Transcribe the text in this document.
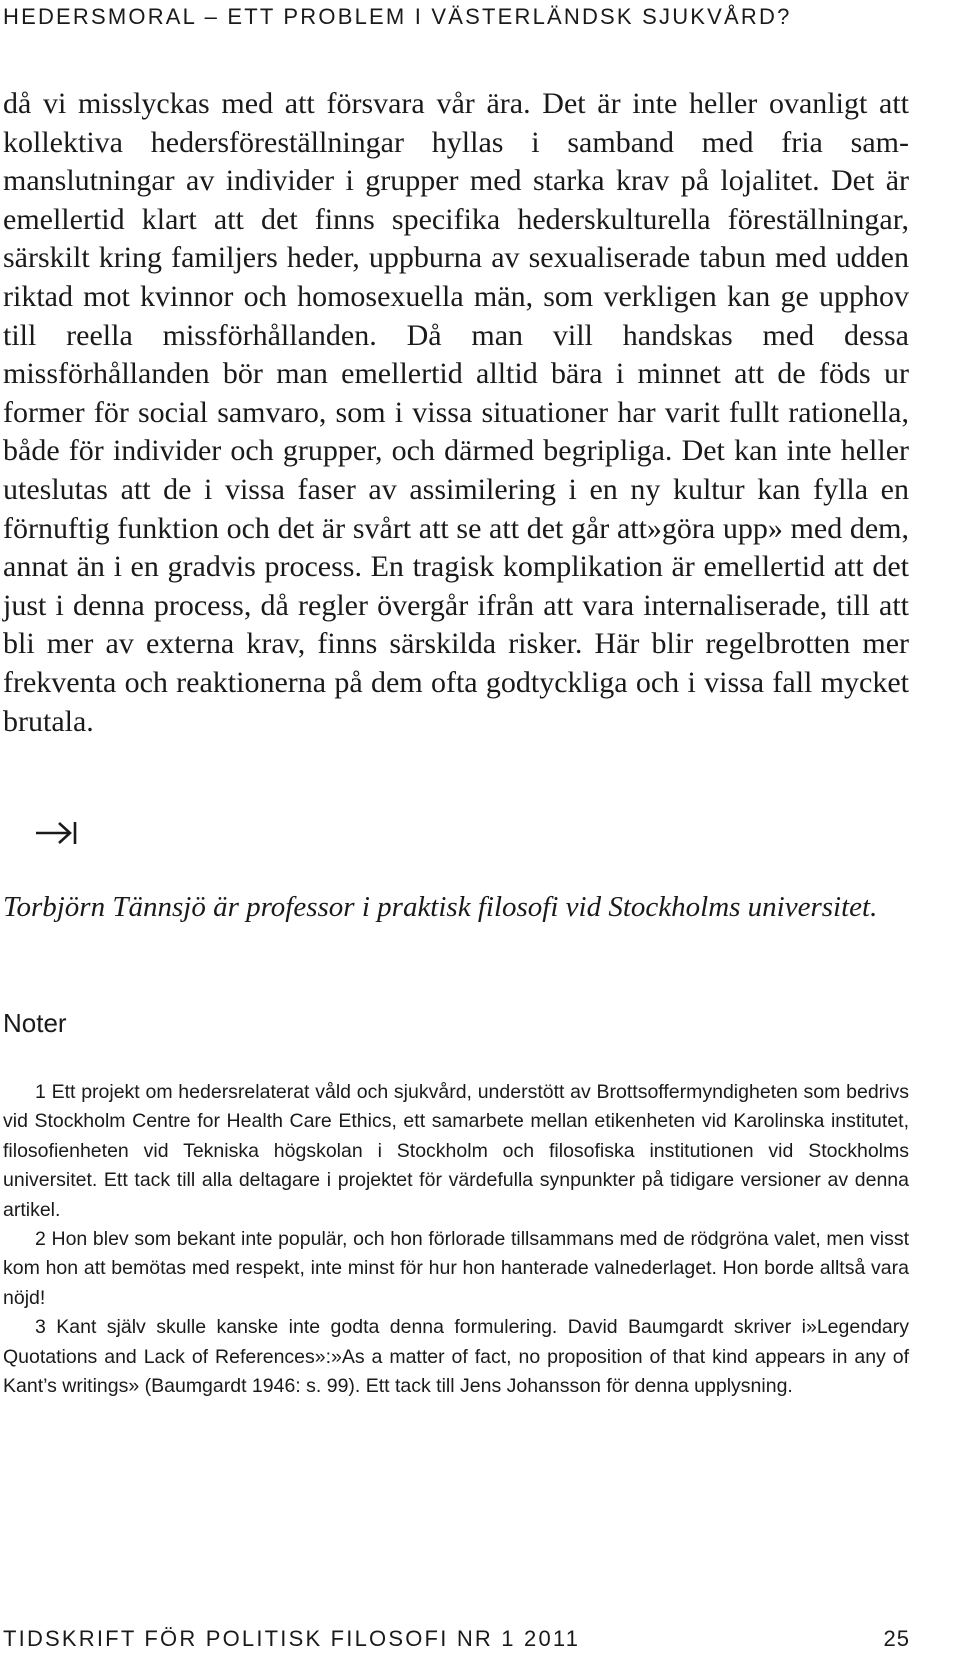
HEDERSMORAL – ETT PROBLEM I VÄSTERLÄNDSK SJUKVÅRD?

då vi misslyckas med att försvara vår ära. Det är inte heller ovanligt att kollektiva hedersföreställningar hyllas i samband med fria sammanslutningar av individer i grupper med starka krav på lojalitet. Det är emellertid klart att det finns specifika hederskulturella föreställningar, särskilt kring familjers heder, uppburna av sexualiserade tabun med udden riktad mot kvinnor och homosexuella män, som verkligen kan ge upphov till reella missförhållanden. Då man vill handskas med dessa missförhållanden bör man emellertid alltid bära i minnet att de föds ur former för social samvaro, som i vissa situationer har varit fullt rationella, både för individer och grupper, och därmed begripliga. Det kan inte heller uteslutas att de i vissa faser av assimilering i en ny kultur kan fylla en förnuftig funktion och det är svårt att se att det går att»göra upp» med dem, annat än i en gradvis process. En tragisk komplikation är emellertid att det just i denna process, då regler övergår ifrån att vara internaliserade, till att bli mer av externa krav, finns särskilda risker. Här blir regelbrotten mer frekventa och reaktionerna på dem ofta godtyckliga och i vissa fall mycket brutala.

Torbjörn Tännsjö är professor i praktisk filosofi vid Stockholms universitet.

Noter
1 Ett projekt om hedersrelaterat våld och sjukvård, understött av Brottsoffermyndigheten som bedrivs vid Stockholm Centre for Health Care Ethics, ett samarbete mellan etikenheten vid Karolinska institutet, filosofienheten vid Tekniska högskolan i Stockholm och filosofiska institutionen vid Stockholms universitet. Ett tack till alla deltagare i projektet för värdefulla synpunkter på tidigare versioner av denna artikel.
2 Hon blev som bekant inte populär, och hon förlorade tillsammans med de rödgröna valet, men visst kom hon att bemötas med respekt, inte minst för hur hon hanterade valnederlaget. Hon borde alltså vara nöjd!
3 Kant själv skulle kanske inte godta denna formulering. David Baumgardt skriver i»Legendary Quotations and Lack of References»:»As a matter of fact, no proposition of that kind appears in any of Kant’s writings» (Baumgardt 1946: s. 99). Ett tack till Jens Johansson för denna upplysning.
TIDSKRIFT FÖR POLITISK FILOSOFI NR 1 2011	25
